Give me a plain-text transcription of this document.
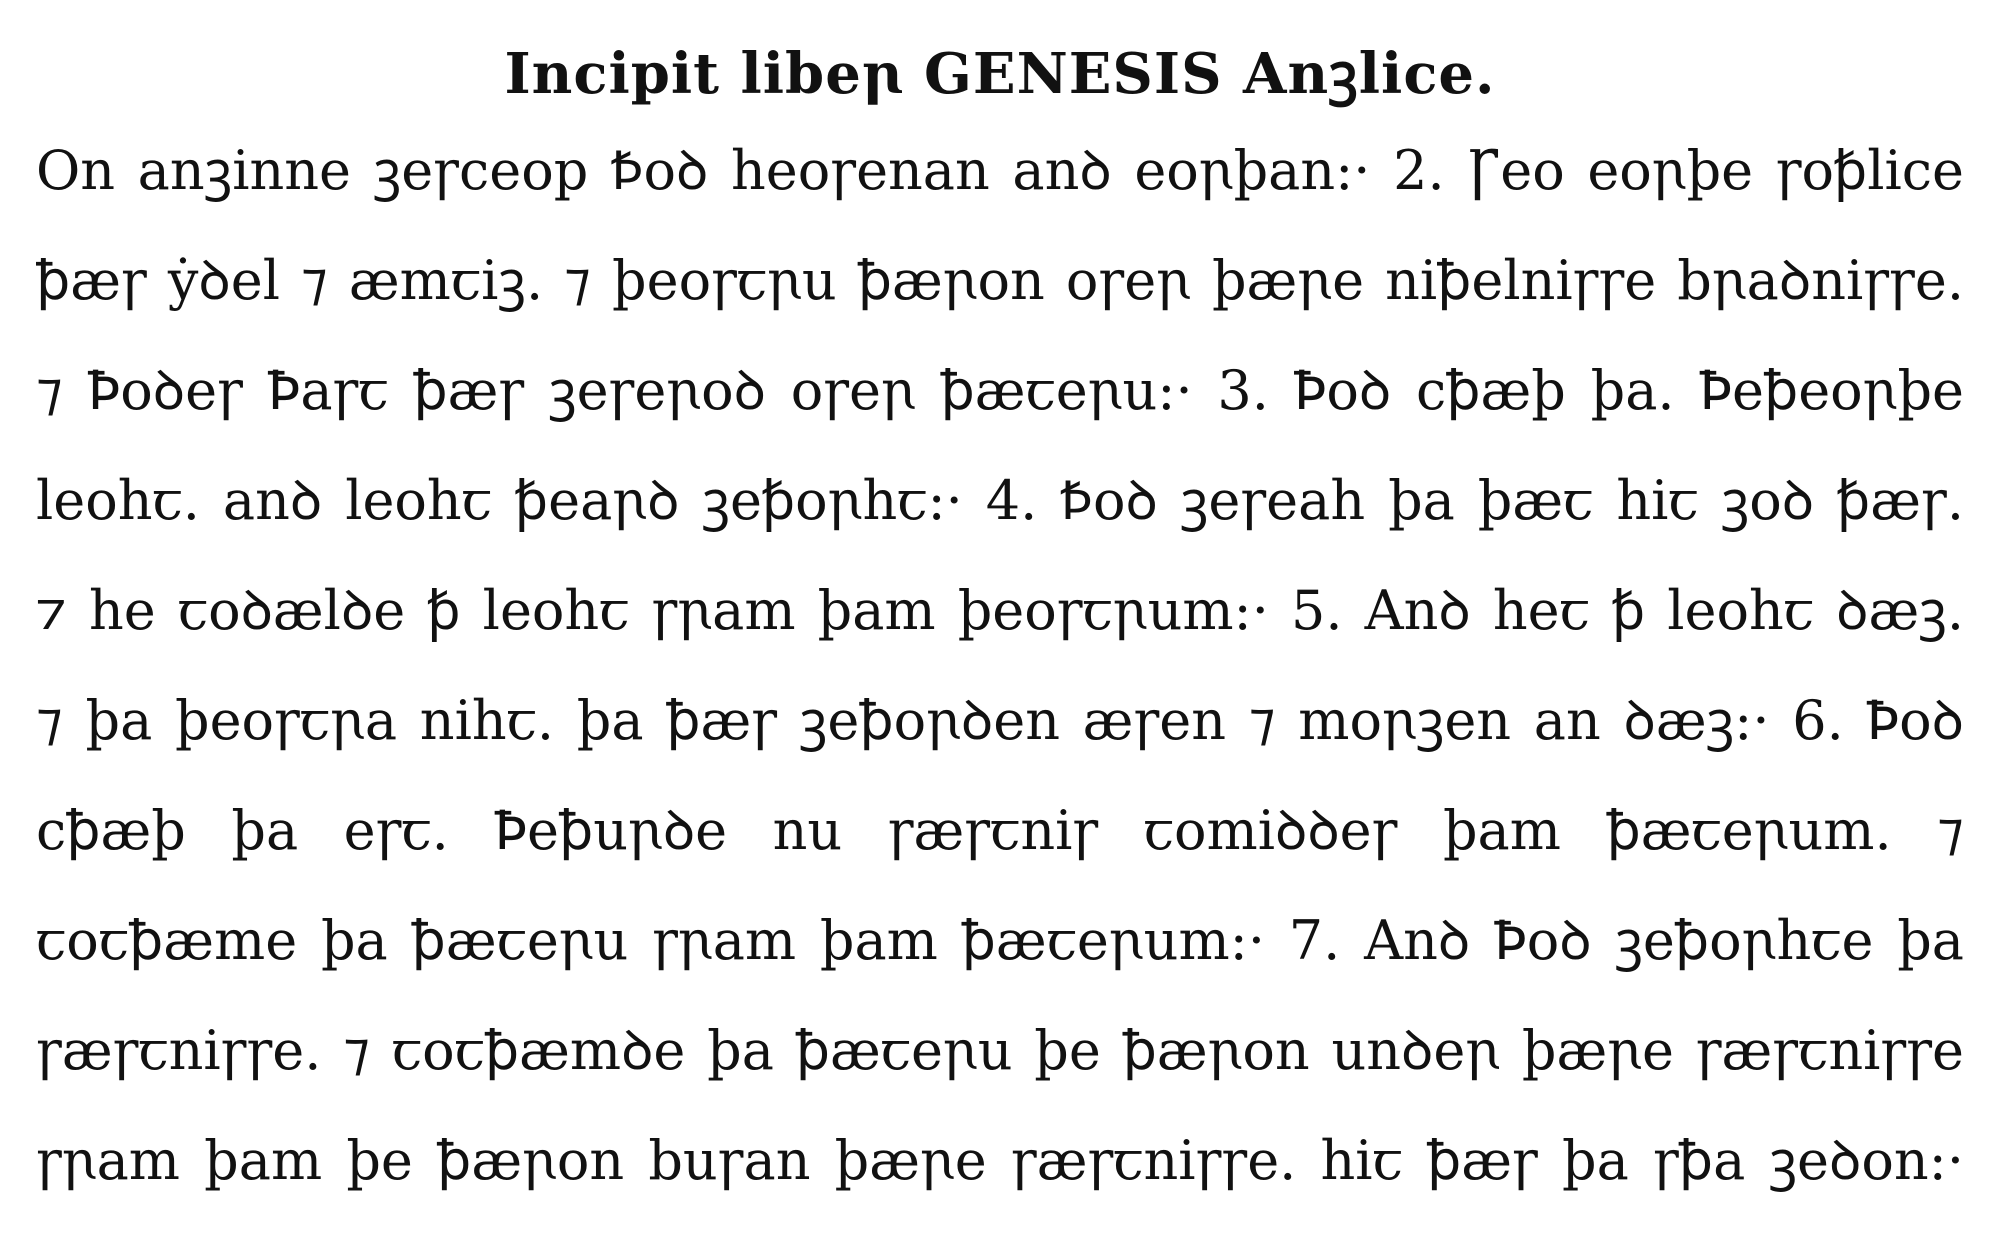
Incipit libeꞃ GENESIS Anꝫlice.
On anꝫinne ꝫeꞅceop Ꝥoꝺ heoꞅenan anꝺ eoꞃþan:· 2. Ꞅeo eoꞃþe ꞅoꝥlice
ꝥæꞅ ẏꝺel ⁊ æmꞇiꝫ. ⁊ þeoꞅꞇꞃu ꝥæꞃon oꞅeꞃ þæꞃe niꝥelniꞅꞅe bꞃaꝺniꞅꞅe.
⁊ Ꝥoꝺeꞅ Ꝥaꞅꞇ ꝥæꞅ ꝫeꞅeꞃoꝺ oꞅeꞃ ꝥæꞇeꞃu:· 3. Ꝥoꝺ cꝥæþ þa. Ꝥeꝥeoꞃþe
leohꞇ. anꝺ leohꞇ ꝥeaꞃꝺ ꝫeꝥoꞃhꞇ:· 4. Ꝥoꝺ ꝫeꞅeah þa þæꞇ hiꞇ ꝫoꝺ ꝥæꞅ.
⁊ he ꞇoꝺælꝺe ꝥ leohꞇ ꞅꞃam þam þeoꞅꞇꞃum:· 5. Anꝺ heꞇ ꝥ leohꞇ ꝺæꝫ.
⁊ þa þeoꞅꞇꞃa nihꞇ. þa ꝥæꞅ ꝫeꝥoꞃꝺen æꞅen ⁊ moꞃꝫen an ꝺæꝫ:· 6. Ꝥoꝺ
cꝥæþ þa eꞅꞇ. Ꝥeꝥuꞃꝺe nu ꞅæꞅꞇniꞅ ꞇomiꝺꝺeꞅ þam ꝥæꞇeꞃum. ⁊
ꞇoꞇꝥæme þa ꝥæꞇeꞃu ꞅꞃam þam ꝥæꞇeꞃum:· 7. Anꝺ Ꝥoꝺ ꝫeꝥoꞃhꞇe þa
ꞅæꞅꞇniꞅꞅe. ⁊ ꞇoꞇꝥæmꝺe þa ꝥæꞇeꞃu þe ꝥæꞃon unꝺeꞃ þæꞃe ꞅæꞅꞇniꞅꞅe
ꞅꞃam þam þe ꝥæꞃon buꞅan þæꞃe ꞅæꞅꞇniꞅꞅe. hiꞇ ꝥæꞅ þa ꞅꝥa ꝫeꝺon:·
